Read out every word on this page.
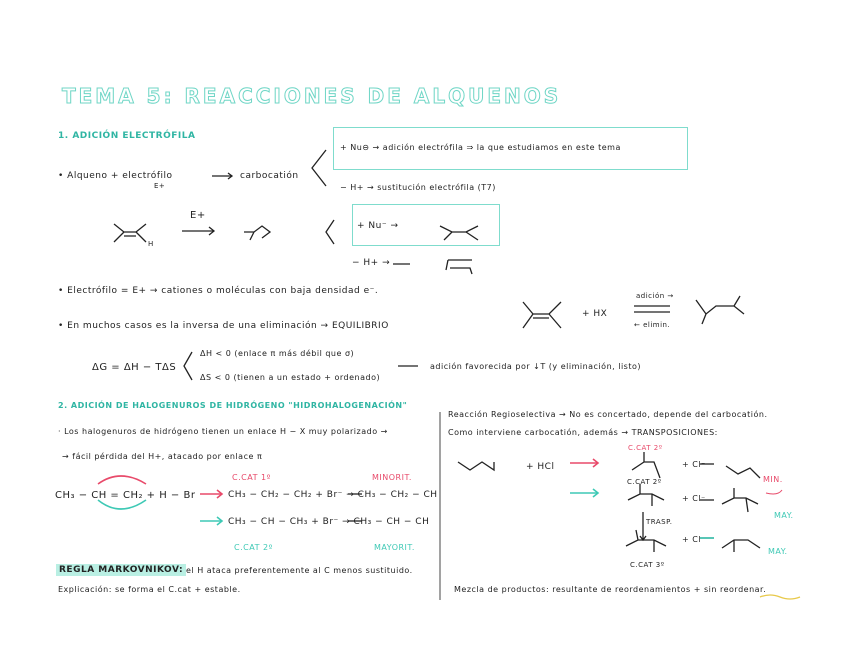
TEMA 5: REACCIONES DE ALQUENOS
1. ADICIÓN ELECTRÓFILA
• Alqueno + electrófilo
E+
carbocatión
+ Nu⊖ → adición electrófila ⇒ la que estudiamos en este tema
− H+ → sustitución electrófila (T7)
E+
H
+ Nu⁻ →
− H+ →
• Electrófilo = E+ → cationes o moléculas con baja densidad e⁻.
• En muchos casos es la inversa de una eliminación → EQUILIBRIO
adición →
← elimin.
+ HX
ΔG = ΔH − TΔS
ΔH < 0 (enlace π más débil que σ)
ΔS < 0 (tienen a un estado + ordenado)
adición favorecida por ↓T (y eliminación, listo)
2. ADICIÓN DE HALOGENUROS DE HIDRÓGENO "HIDROHALOGENACIÓN"
· Los halogenuros de hidrógeno tienen un enlace H − X muy polarizado →
→ fácil pérdida del H+, atacado por enlace π
CH₃ − CH = CH₂ + H − Br
C.CAT 1º
CH₃ − CH₂ − CH₂ + Br⁻ → CH₃ − CH₂ − CH
MINORIT.
CH₃ − CH − CH₃ + Br⁻ → CH₃ − CH − CH
C.CAT 2º	MAYORIT.
REGLA MARKOVNIKOV: el H ataca preferentemente al C menos sustituido.
Explicación: se forma el C.cat + estable.
Reacción Regioselectiva → No es concertado, depende del carbocatión.
Como interviene carbocatión, además → TRANSPOSICIONES:
+ HCl
C.CAT 2º
C.CAT 2º
C.CAT 3º
+ Cl⁻
+ Cl⁻
+ Cl⁻
MIN.
MAY.
MAY.
TRASP.
Mezcla de productos: resultante de reordenamientos + sin reordenar.
